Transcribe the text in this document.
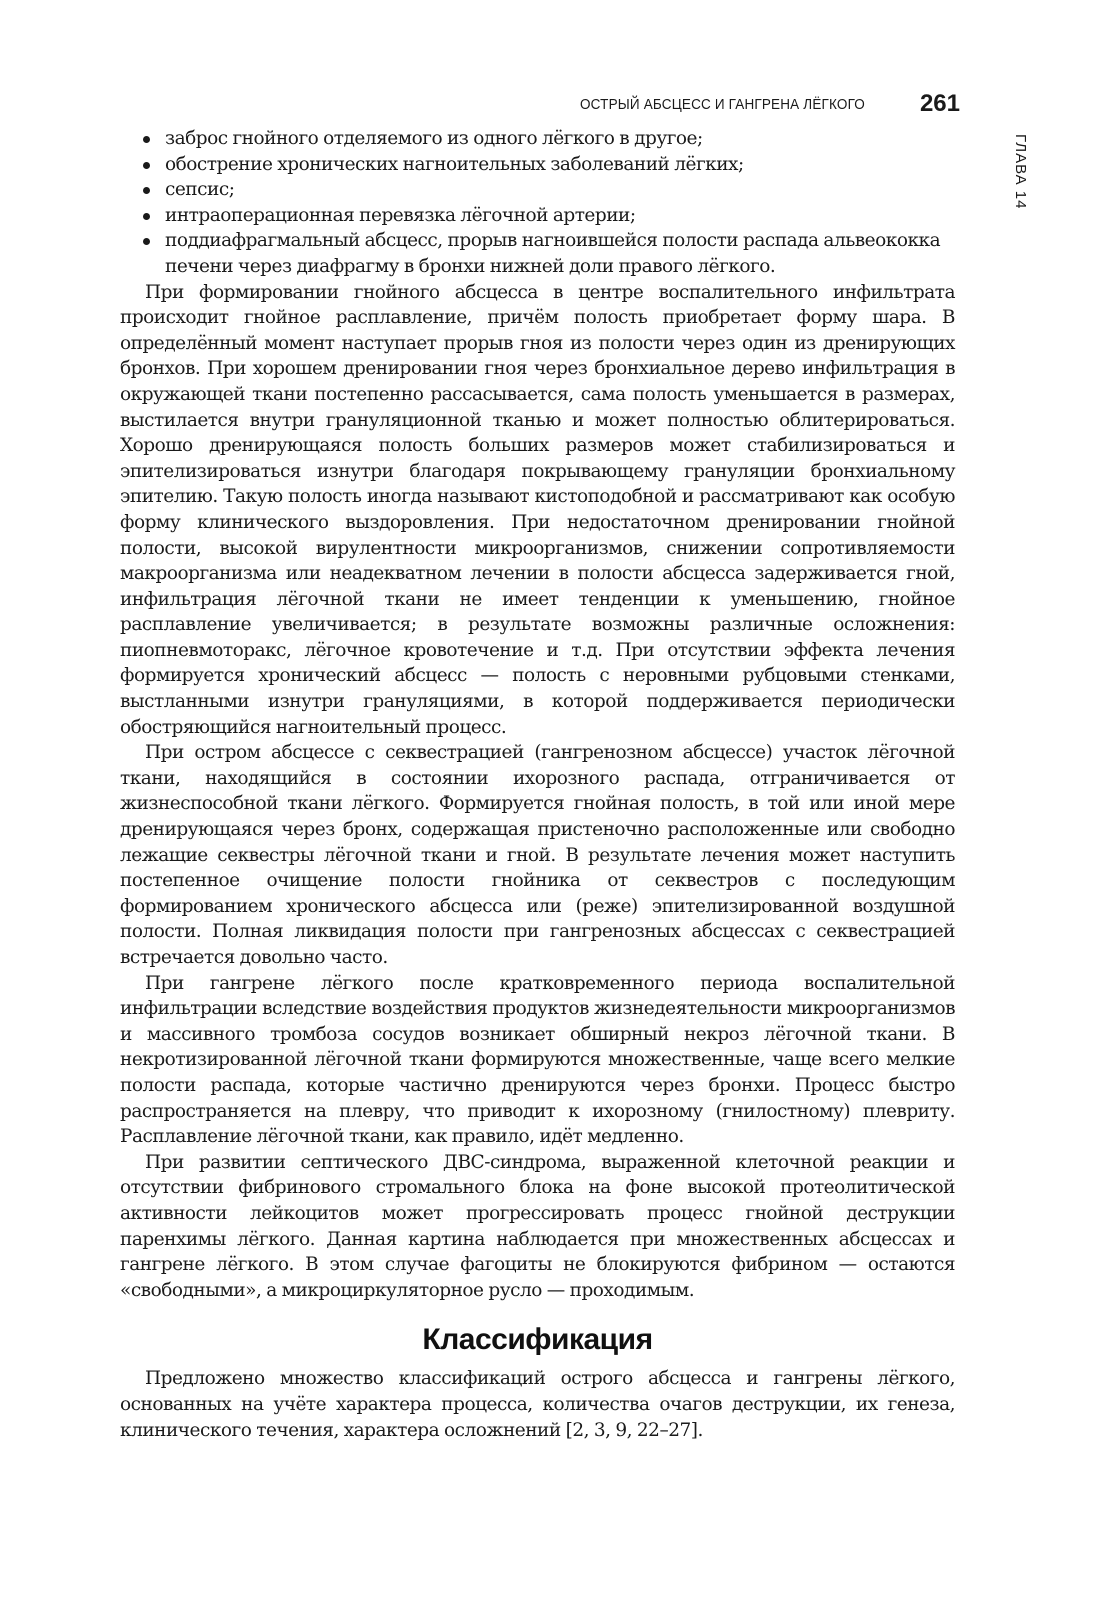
ОСТРЫЙ АБСЦЕСС И ГАНГРЕНА ЛЁГКОГО 261
ГЛАВА 14
заброс гнойного отделяемого из одного лёгкого в другое;
обострение хронических нагноительных заболеваний лёгких;
сепсис;
интраоперационная перевязка лёгочной артерии;
поддиафрагмальный абсцесс, прорыв нагноившейся полости распада альвеококка печени через диафрагму в бронхи нижней доли правого лёгкого.

При формировании гнойного абсцесса в центре воспалительного инфильтрата происходит гнойное расплавление, причём полость приобретает форму шара. В определённый момент наступает прорыв гноя из полости через один из дренирующих бронхов. При хорошем дренировании гноя через бронхиальное дерево инфильтрация в окружающей ткани постепенно рассасывается, сама полость уменьшается в размерах, выстилается внутри грануляционной тканью и может полностью облитерироваться. Хорошо дренирующаяся полость больших размеров может стабилизироваться и эпителизироваться изнутри благодаря покрывающему грануляции бронхиальному эпителию. Такую полость иногда называют кистоподобной и рассматривают как особую форму клинического выздоровления. При недостаточном дренировании гнойной полости, высокой вирулентности микроорганизмов, снижении сопротивляемости макроорганизма или неадекватном лечении в полости абсцесса задерживается гной, инфильтрация лёгочной ткани не имеет тенденции к уменьшению, гнойное расплавление увеличивается; в результате возможны различные осложнения: пиопневмоторакс, лёгочное кровотечение и т.д. При отсутствии эффекта лечения формируется хронический абсцесс — полость с неровными рубцовыми стенками, выстланными изнутри грануляциями, в которой поддерживается периодически обостряющийся нагноительный процесс.

При остром абсцессе с секвестрацией (гангренозном абсцессе) участок лёгочной ткани, находящийся в состоянии ихорозного распада, отграничивается от жизнеспособной ткани лёгкого. Формируется гнойная полость, в той или иной мере дренирующаяся через бронх, содержащая пристеночно расположенные или свободно лежащие секвестры лёгочной ткани и гной. В результате лечения может наступить постепенное очищение полости гнойника от секвестров с последующим формированием хронического абсцесса или (реже) эпителизированной воздушной полости. Полная ликвидация полости при гангренозных абсцессах с секвестрацией встречается довольно часто.

При гангрене лёгкого после кратковременного периода воспалительной инфильтрации вследствие воздействия продуктов жизнедеятельности микроорганизмов и массивного тромбоза сосудов возникает обширный некроз лёгочной ткани. В некротизированной лёгочной ткани формируются множественные, чаще всего мелкие полости распада, которые частично дренируются через бронхи. Процесс быстро распространяется на плевру, что приводит к ихорозному (гнилостному) плевриту. Расплавление лёгочной ткани, как правило, идёт медленно.

При развитии септического ДВС-синдрома, выраженной клеточной реакции и отсутствии фибринового стромального блока на фоне высокой протеолитической активности лейкоцитов может прогрессировать процесс гнойной деструкции паренхимы лёгкого. Данная картина наблюдается при множественных абсцессах и гангрене лёгкого. В этом случае фагоциты не блокируются фибрином — остаются «свободными», а микроциркуляторное русло — проходимым.

Классификация

Предложено множество классификаций острого абсцесса и гангрены лёгкого, основанных на учёте характера процесса, количества очагов деструкции, их генеза, клинического течения, характера осложнений [2, 3, 9, 22–27].
